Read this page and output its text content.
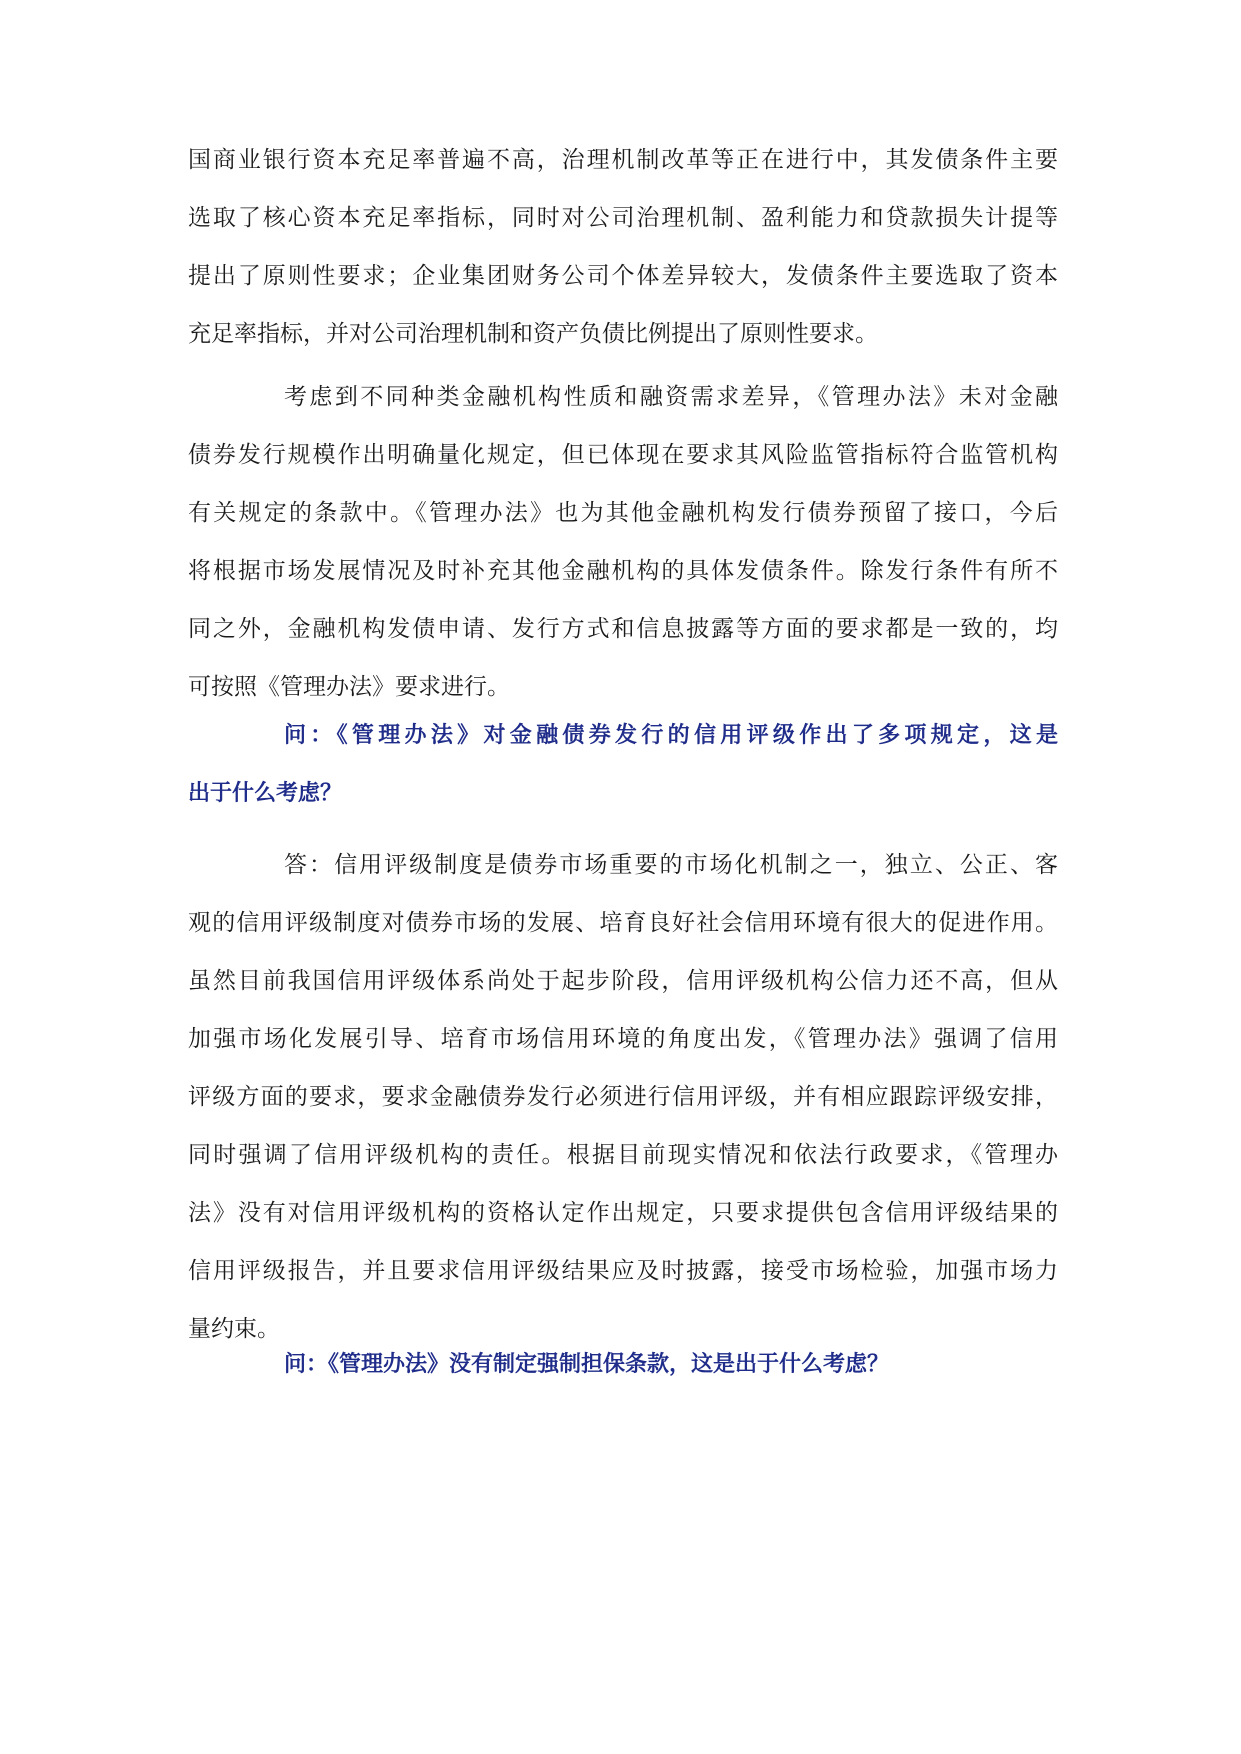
国商业银行资本充足率普遍不高，治理机制改革等正在进行中，其发债条件主要
选取了核心资本充足率指标，同时对公司治理机制、盈利能力和贷款损失计提等
提出了原则性要求；企业集团财务公司个体差异较大，发债条件主要选取了资本
充足率指标，并对公司治理机制和资产负债比例提出了原则性要求。
考虑到不同种类金融机构性质和融资需求差异，《管理办法》未对金融
债券发行规模作出明确量化规定，但已体现在要求其风险监管指标符合监管机构
有关规定的条款中。《管理办法》也为其他金融机构发行债券预留了接口，今后
将根据市场发展情况及时补充其他金融机构的具体发债条件。除发行条件有所不
同之外，金融机构发债申请、发行方式和信息披露等方面的要求都是一致的，均
可按照《管理办法》要求进行。
问：《管理办法》对金融债券发行的信用评级作出了多项规定，这是
出于什么考虑？
答：信用评级制度是债券市场重要的市场化机制之一，独立、公正、客
观的信用评级制度对债券市场的发展、培育良好社会信用环境有很大的促进作用。
虽然目前我国信用评级体系尚处于起步阶段，信用评级机构公信力还不高，但从
加强市场化发展引导、培育市场信用环境的角度出发，《管理办法》强调了信用
评级方面的要求，要求金融债券发行必须进行信用评级，并有相应跟踪评级安排，
同时强调了信用评级机构的责任。根据目前现实情况和依法行政要求，《管理办
法》没有对信用评级机构的资格认定作出规定，只要求提供包含信用评级结果的
信用评级报告，并且要求信用评级结果应及时披露，接受市场检验，加强市场力
量约束。
问：《管理办法》没有制定强制担保条款，这是出于什么考虑？
